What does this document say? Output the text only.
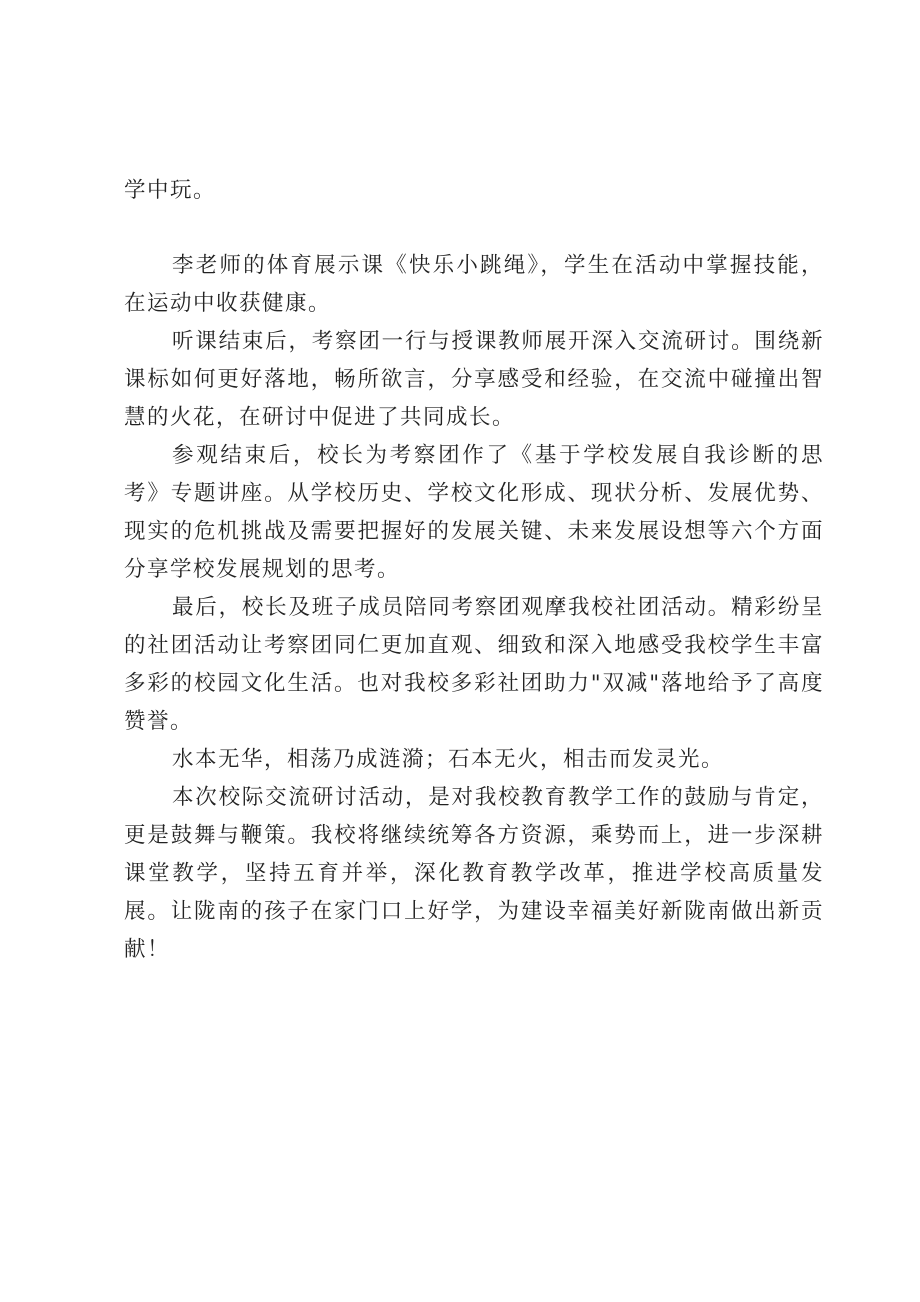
学中玩。

李老师的体育展示课《快乐小跳绳》，学生在活动中掌握技能，在运动中收获健康。

听课结束后，考察团一行与授课教师展开深入交流研讨。围绕新课标如何更好落地，畅所欲言，分享感受和经验，在交流中碰撞出智慧的火花，在研讨中促进了共同成长。

参观结束后，校长为考察团作了《基于学校发展自我诊断的思考》专题讲座。从学校历史、学校文化形成、现状分析、发展优势、现实的危机挑战及需要把握好的发展关键、未来发展设想等六个方面分享学校发展规划的思考。

最后，校长及班子成员陪同考察团观摩我校社团活动。精彩纷呈的社团活动让考察团同仁更加直观、细致和深入地感受我校学生丰富多彩的校园文化生活。也对我校多彩社团助力"双减"落地给予了高度赞誉。

水本无华，相荡乃成涟漪；石本无火，相击而发灵光。

本次校际交流研讨活动，是对我校教育教学工作的鼓励与肯定，更是鼓舞与鞭策。我校将继续统筹各方资源，乘势而上，进一步深耕课堂教学，坚持五育并举，深化教育教学改革，推进学校高质量发展。让陇南的孩子在家门口上好学，为建设幸福美好新陇南做出新贡献！
